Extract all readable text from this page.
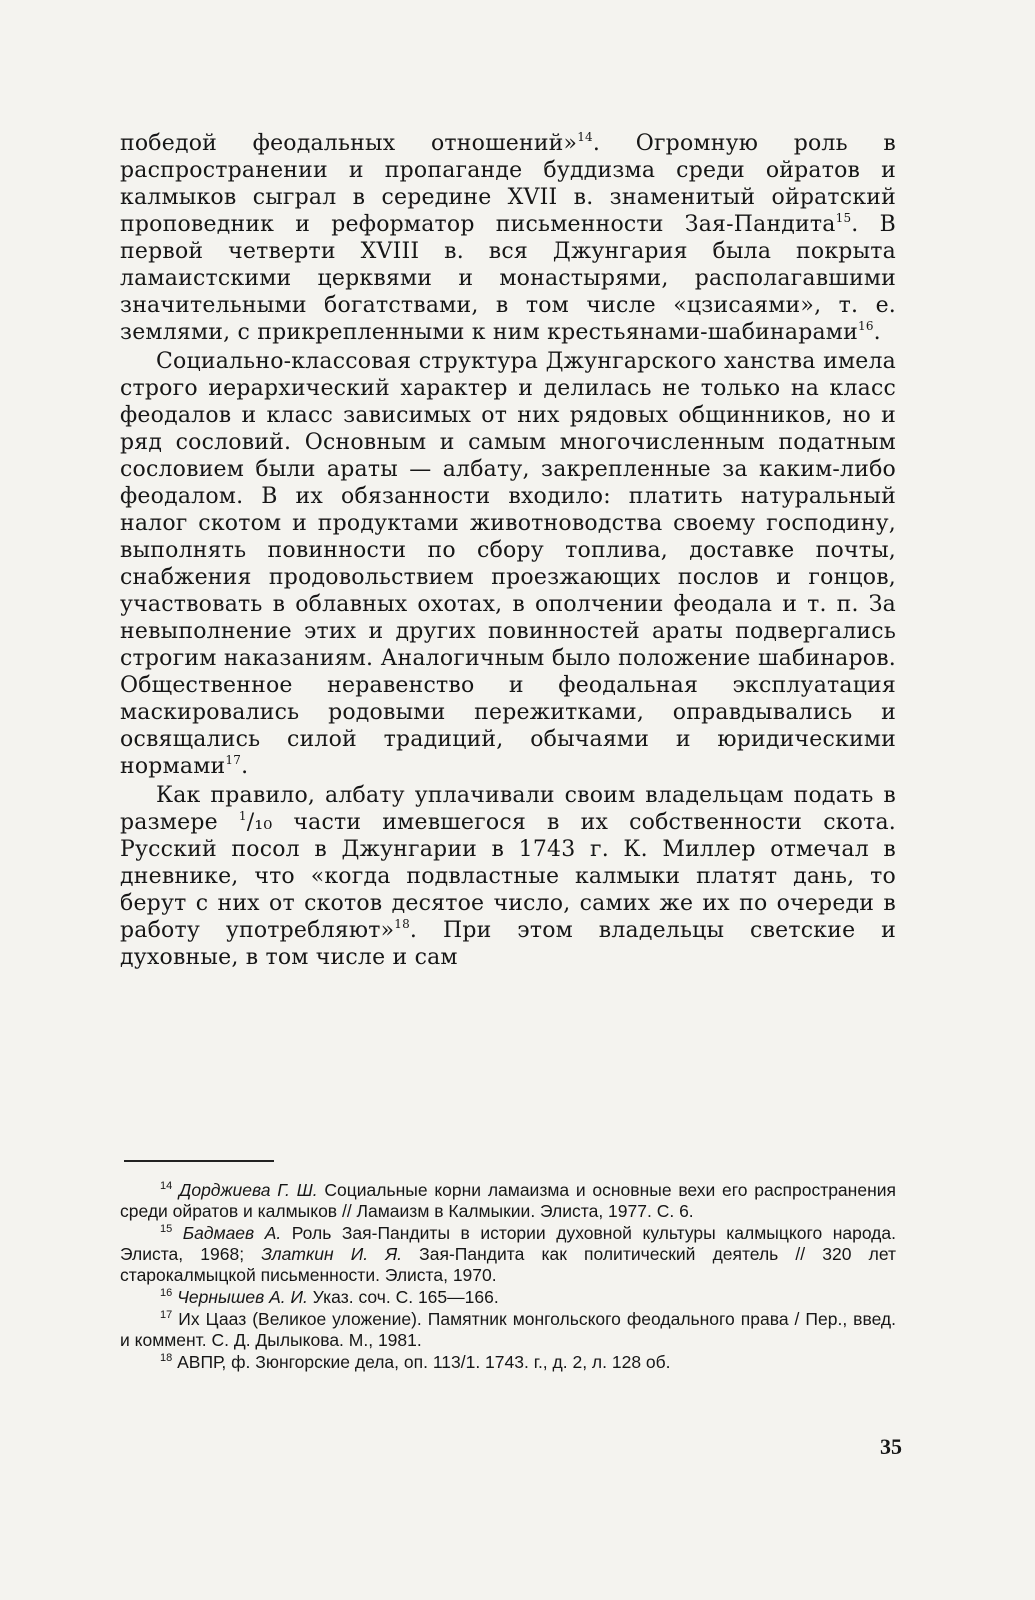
победой феодальных отношений»$^{14}$. Огромную роль в распространении и пропаганде буддизма среди ойратов и калмыков сыграл в середине XVII в. знаменитый ойратский проповедник и реформатор письменности Зая-Пандита$^{15}$. В первой четверти XVIII в. вся Джунгария была покрыта ламаистскими церквями и монастырями, располагавшими значительными богатствами, в том числе «цзисаями», т. е. землями, с прикрепленными к ним крестьянами-шабинарами$^{16}$.

Социально-классовая структура Джунгарского ханства имела строго иерархический характер и делилась не только на класс феодалов и класс зависимых от них рядовых общинников, но и ряд сословий. Основным и самым многочисленным податным сословием были араты — албату, закрепленные за каким-либо феодалом. В их обязанности входило: платить натуральный налог скотом и продуктами животноводства своему господину, выполнять повинности по сбору топлива, доставке почты, снабжения продовольствием проезжающих послов и гонцов, участвовать в облавных охотах, в ополчении феодала и т. п. За невыполнение этих и других повинностей араты подвергались строгим наказаниям. Аналогичным было положение шабинаров. Общественное неравенство и феодальная эксплуатация маскировались родовыми пережитками, оправдывались и освящались силой традиций, обычаями и юридическими нормами$^{17}$.

Как правило, албату уплачивали своим владельцам подать в размере $^1$/₁₀ части имевшегося в их собственности скота. Русский посол в Джунгарии в 1743 г. К. Миллер отмечал в дневнике, что «когда подвластные калмыки платят дань, то берут с них от скотов десятое число, самих же их по очереди в работу употребляют»$^{18}$. При этом владельцы светские и духовные, в том числе и сам

$^{14}$ Дорджиева Г. Ш. Социальные корни ламаизма и основные вехи его распространения среди ойратов и калмыков // Ламаизм в Калмыкии. Элиста, 1977. С. 6.
$^{15}$ Бадмаев А. Роль Зая-Пандиты в истории духовной культуры калмыцкого народа. Элиста, 1968; Златкин И. Я. Зая-Пандита как политический деятель // 320 лет старокалмыцкой письменности. Элиста, 1970.
$^{16}$ Чернышев А. И. Указ. соч. С. 165—166.
$^{17}$ Их Цааз (Великое уложение). Памятник монгольского феодального права / Пер., введ. и коммент. С. Д. Дылыкова. М., 1981.
$^{18}$ АВПР, ф. Зюнгорские дела, оп. 113/1. 1743. г., д. 2, л. 128 об.
35
